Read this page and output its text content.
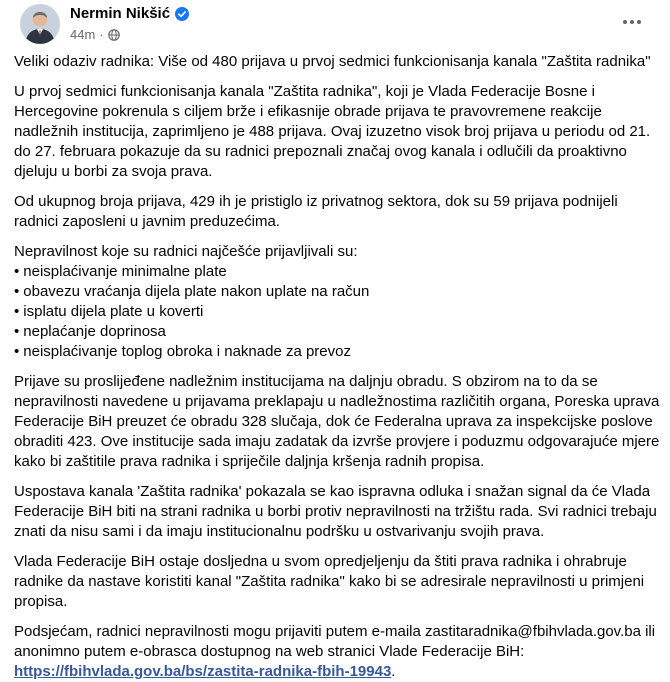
Nermin Nikšić
44m ·

Veliki odaziv radnika: Više od 480 prijava u prvoj sedmici funkcionisanja kanala "Zaštita radnika"

U prvoj sedmici funkcionisanja kanala "Zaštita radnika", koji je Vlada Federacije Bosne i Hercegovine pokrenula s ciljem brže i efikasnije obrade prijava te pravovremene reakcije nadležnih institucija, zaprimljeno je 488 prijava. Ovaj izuzetno visok broj prijava u periodu od 21. do 27. februara pokazuje da su radnici prepoznali značaj ovog kanala i odlučili da proaktivno djeluju u borbi za svoja prava.

Od ukupnog broja prijava, 429 ih je pristiglo iz privatnog sektora, dok su 59 prijava podnijeli radnici zaposleni u javnim preduzećima.

Nepravilnost koje su radnici najčešće prijavljivali su:
• neisplaćivanje minimalne plate
• obavezu vraćanja dijela plate nakon uplate na račun
• isplatu dijela plate u koverti
• neplaćanje doprinosa
• neisplaćivanje toplog obroka i naknade za prevoz

Prijave su proslijeđene nadležnim institucijama na daljnju obradu. S obzirom na to da se nepravilnosti navedene u prijavama preklapaju u nadležnostima različitih organa, Poreska uprava Federacije BiH preuzet će obradu 328 slučaja, dok će Federalna uprava za inspekcijske poslove obraditi 423. Ove institucije sada imaju zadatak da izvrše provjere i poduzmu odgovarajuće mjere kako bi zaštitile prava radnika i spriječile daljnja kršenja radnih propisa.

Uspostava kanala 'Zaštita radnika' pokazala se kao ispravna odluka i snažan signal da će Vlada Federacije BiH biti na strani radnika u borbi protiv nepravilnosti na tržištu rada. Svi radnici trebaju znati da nisu sami i da imaju institucionalnu podršku u ostvarivanju svojih prava.

Vlada Federacije BiH ostaje dosljedna u svom opredjeljenju da štiti prava radnika i ohrabruje radnike da nastave koristiti kanal "Zaštita radnika" kako bi se adresirale nepravilnosti u primjeni propisa.

Podsjećam, radnici nepravilnosti mogu prijaviti putem e-maila zastitaradnika@fbihvlada.gov.ba ili anonimno putem e-obrasca dostupnog na web stranici Vlade Federacije BiH: https://fbihvlada.gov.ba/bs/zastita-radnika-fbih-19943.
